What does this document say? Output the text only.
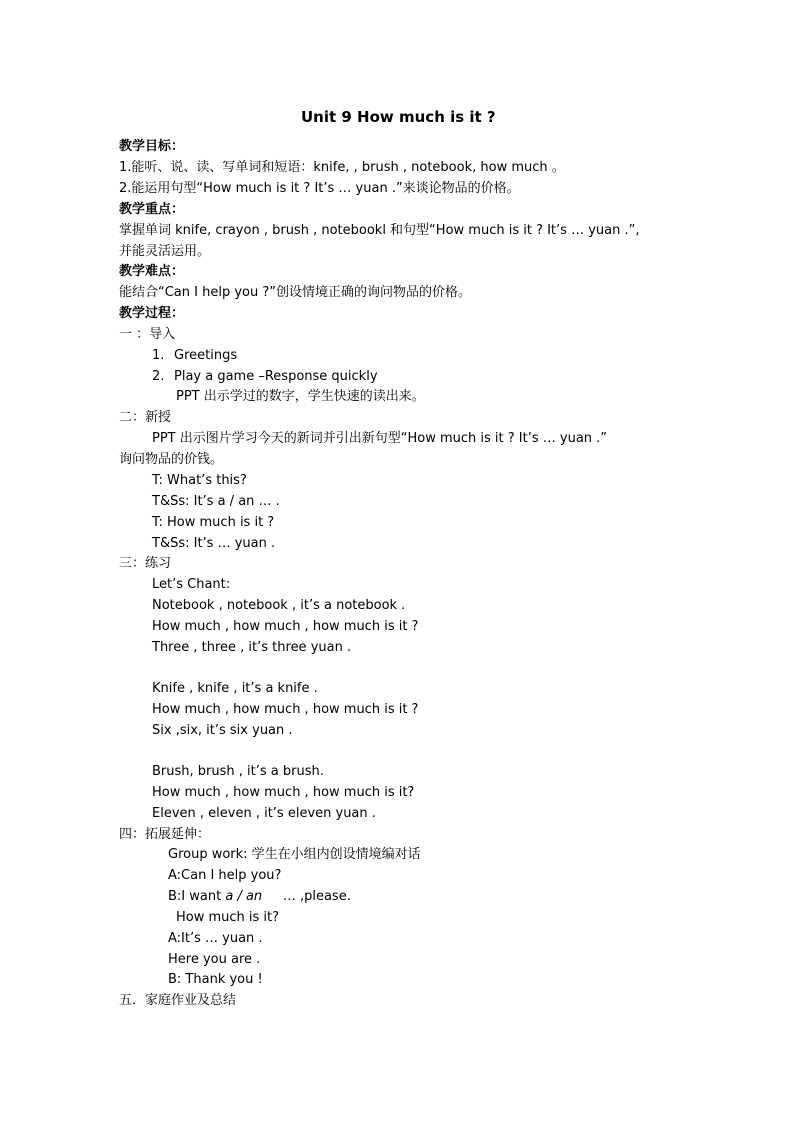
Unit 9 How much is it ?
教学目标：
1.能听、说、读、写单词和短语：knife, , brush , notebook, how much 。
2.能运用句型“How much is it ? It’s … yuan .”来谈论物品的价格。
教学重点：
掌握单词 knife, crayon , brush , notebookl 和句型“How much is it ? It’s … yuan .”,
并能灵活运用。
教学难点：
能结合“Can I help you ?”创设情境正确的询问物品的价格。
教学过程：
一 ：导入
1. Greetings
2. Play a game –Response quickly
PPT 出示学过的数字，学生快速的读出来。
二：新授
PPT 出示图片学习今天的新词并引出新句型“How much is it ? It’s … yuan .”
询问物品的价钱。
T: What’s this?
T&Ss: It’s a / an … .
T: How much is it ?
T&Ss: It’s … yuan .
三：练习
Let’s Chant:
Notebook , notebook , it’s a notebook .
How much , how much , how much is it ?
Three , three , it’s three yuan .
Knife , knife , it’s a knife .
How much , how much , how much is it ?
Six ,six, it’s six yuan .
Brush, brush , it’s a brush.
How much , how much , how much is it?
Eleven , eleven , it’s eleven yuan .
四：拓展延伸：
Group work: 学生在小组内创设情境编对话
A:Can I help you?
B:I want a / an     … ,please.
How much is it?
A:It’s … yuan .
Here you are .
B: Thank you !
五．家庭作业及总结
